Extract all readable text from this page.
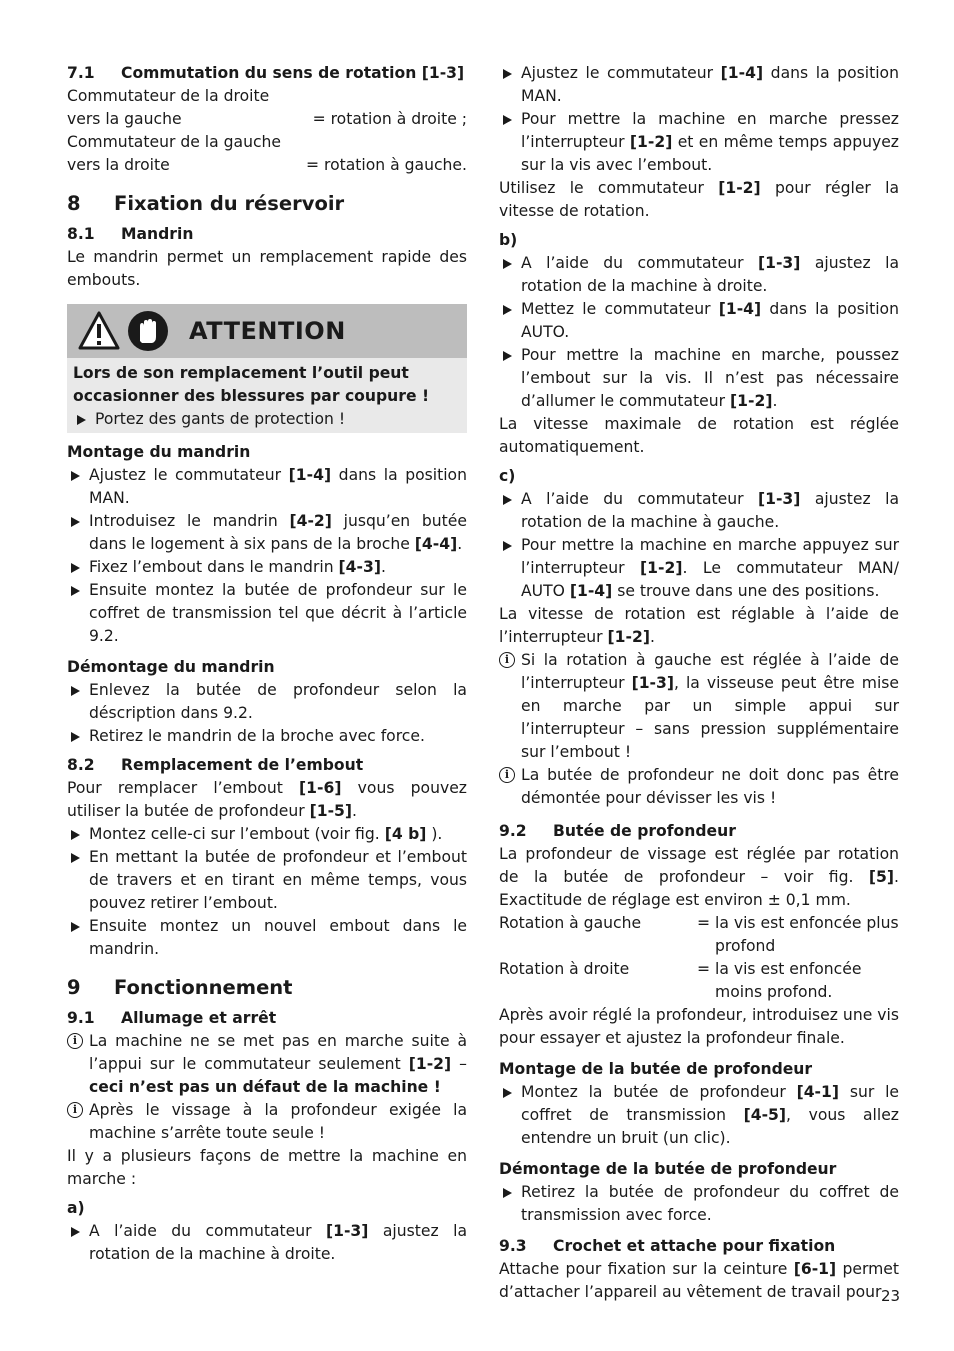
7.1 Commutation du sens de rotation [1-3]

Commutateur de la droite

vers la gauche	= rotation à droite ;

Commutateur de la gauche

vers la droite	= rotation à gauche.
8 Fixation du réservoir
8.1 Mandrin

Le mandrin permet un remplacement rapide des embouts.

ATTENTION

Lors de son remplacement l’outil peut occasionner des blessures par coupure !

Portez des gants de protection !
Montage du mandrin
Ajustez le commutateur [1-4] dans la position MAN.
Introduisez le mandrin [4-2] jusqu’en butée dans le logement à six pans de la broche [4-4].
Fixez l’embout dans le mandrin [4-3].
Ensuite montez la butée de profondeur sur le coffret de transmission tel que décrit à l’article 9.2.
Démontage du mandrin
Enlevez la butée de profondeur selon la déscription dans 9.2.
Retirez le mandrin de la broche avec force.
8.2 Remplacement de l’embout

Pour remplacer l’embout [1-6] vous pouvez utiliser la butée de profondeur [1-5].

Montez celle-ci sur l’embout (voir fig. [4 b] ).
En mettant la butée de profondeur et l’embout de travers et en tirant en même temps, vous pouvez retirer l’embout.
Ensuite montez un nouvel embout dans le mandrin.
9 Fonctionnement
9.1 Allumage et arrêt
i La machine ne se met pas en marche suite à l’appui sur le commutateur seulement [1-2] – ceci n’est pas un défaut de la machine !
i Après le vissage à la profondeur exigée la machine s’arrête toute seule !

Il y a plusieurs façons de mettre la machine en marche :

a)
A l’aide du commutateur [1-3] ajustez la rotation de la machine à droite.
Ajustez le commutateur [1-4] dans la position MAN.
Pour mettre la machine en marche pressez l’interrupteur [1-2] et en même temps appuyez sur la vis avec l’embout.

Utilisez le commutateur [1-2] pour régler la vitesse de rotation.

b)
A l’aide du commutateur [1-3] ajustez la rotation de la machine à droite.
Mettez le commutateur [1-4] dans la position AUTO.
Pour mettre la machine en marche, poussez l’embout sur la vis. Il n’est pas nécessaire d’allumer le commutateur [1-2].

La vitesse maximale de rotation est réglée automatiquement.

c)
A l’aide du commutateur [1-3] ajustez la rotation de la machine à gauche.
Pour mettre la machine en marche appuyez sur l’interrupteur [1-2]. Le commutateur MAN/ AUTO [1-4] se trouve dans une des positions.

La vitesse de rotation est réglable à l’aide de l’interrupteur [1-2].

i Si la rotation à gauche est réglée à l’aide de l’interrupteur [1-3], la visseuse peut être mise en marche par un simple appui sur l’interrupteur – sans pression supplémentaire sur l’embout !
i La butée de profondeur ne doit donc pas être démontée pour dévisser les vis !
9.2 Butée de profondeur

La profondeur de vissage est réglée par rotation de la butée de profondeur – voir fig. [5]. Exactitude de réglage est environ ± 0,1 mm.

Rotation à gauche	= la vis est enfoncée plus profond
Rotation à droite	= la vis est enfoncée moins profond.

Après avoir réglé la profondeur, introduisez une vis pour essayer et ajustez la profondeur finale.

Montage de la butée de profondeur
Montez la butée de profondeur [4-1] sur le coffret de transmission [4-5], vous allez entendre un bruit (un clic).
Démontage de la butée de profondeur
Retirez la butée de profondeur du coffret de transmission avec force.
9.3 Crochet et attache pour fixation

Attache pour fixation sur la ceinture [6-1] permet d’attacher l’appareil au vêtement de travail pour 23
